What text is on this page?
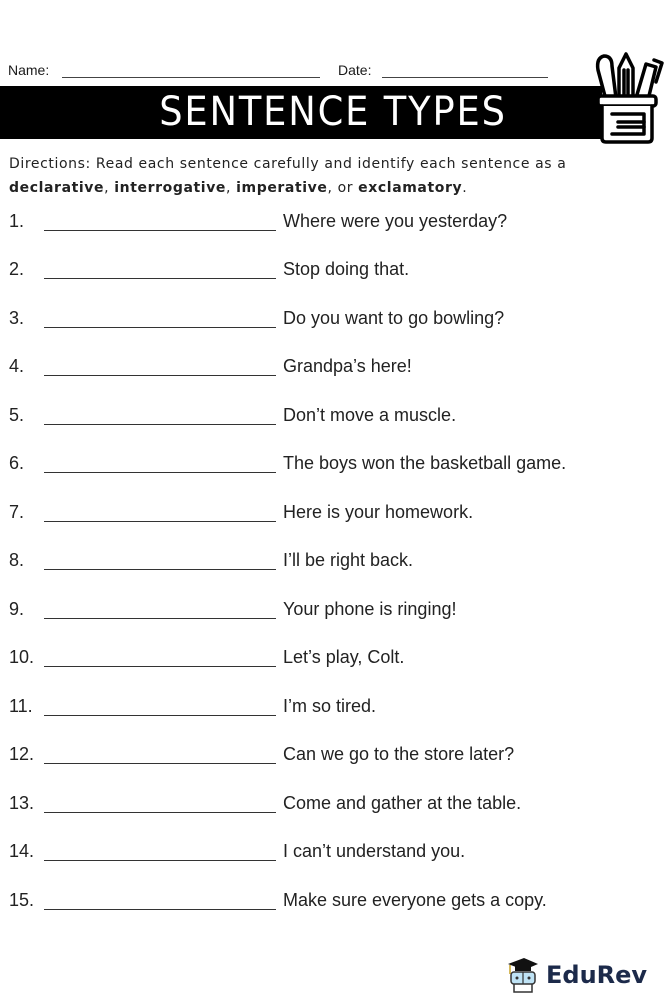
Name:	Date:
SENTENCE TYPES
Directions: Read each sentence carefully and identify each sentence as a
declarative, interrogative, imperative, or exclamatory.
1.	Where were you yesterday?
2.	Stop doing that.
3.	Do you want to go bowling?
4.	Grandpa’s here!
5.	Don’t move a muscle.
6.	The boys won the basketball game.
7.	Here is your homework.
8.	I’ll be right back.
9.	Your phone is ringing!
10.	Let’s play, Colt.
11.	I’m so tired.
12.	Can we go to the store later?
13.	Come and gather at the table.
14.	I can’t understand you.
15.	Make sure everyone gets a copy.
EduRev
